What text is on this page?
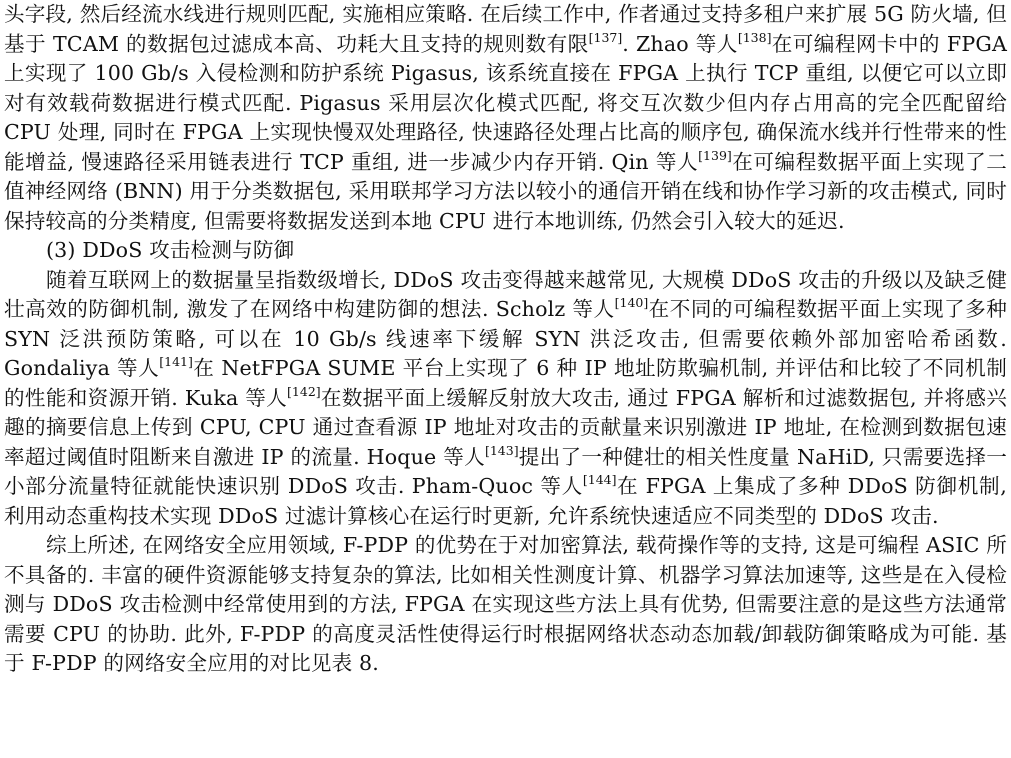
头字段, 然后经流水线进行规则匹配, 实施相应策略. 在后续工作中, 作者通过支持多租户来扩展 5G 防火墙, 但基于 TCAM 的数据包过滤成本高、功耗大且支持的规则数有限[137]. Zhao 等人[138]在可编程网卡中的 FPGA 上实现了 100 Gb/s 入侵检测和防护系统 Pigasus, 该系统直接在 FPGA 上执行 TCP 重组, 以便它可以立即对有效载荷数据进行模式匹配. Pigasus 采用层次化模式匹配, 将交互次数少但内存占用高的完全匹配留给 CPU 处理, 同时在 FPGA 上实现快慢双处理路径, 快速路径处理占比高的顺序包, 确保流水线并行性带来的性能增益, 慢速路径采用链表进行 TCP 重组, 进一步减少内存开销. Qin 等人[139]在可编程数据平面上实现了二值神经网络 (BNN) 用于分类数据包, 采用联邦学习方法以较小的通信开销在线和协作学习新的攻击模式, 同时保持较高的分类精度, 但需要将数据发送到本地 CPU 进行本地训练, 仍然会引入较大的延迟.

(3) DDoS 攻击检测与防御

随着互联网上的数据量呈指数级增长, DDoS 攻击变得越来越常见, 大规模 DDoS 攻击的升级以及缺乏健壮高效的防御机制, 激发了在网络中构建防御的想法. Scholz 等人[140]在不同的可编程数据平面上实现了多种 SYN 泛洪预防策略, 可以在 10 Gb/s 线速率下缓解 SYN 洪泛攻击, 但需要依赖外部加密哈希函数. Gondaliya 等人[141]在 NetFPGA SUME 平台上实现了 6 种 IP 地址防欺骗机制, 并评估和比较了不同机制的性能和资源开销. Kuka 等人[142]在数据平面上缓解反射放大攻击, 通过 FPGA 解析和过滤数据包, 并将感兴趣的摘要信息上传到 CPU, CPU 通过查看源 IP 地址对攻击的贡献量来识别激进 IP 地址, 在检测到数据包速率超过阈值时阻断来自激进 IP 的流量. Hoque 等人[143]提出了一种健壮的相关性度量 NaHiD, 只需要选择一小部分流量特征就能快速识别 DDoS 攻击. Pham-Quoc 等人[144]在 FPGA 上集成了多种 DDoS 防御机制, 利用动态重构技术实现 DDoS 过滤计算核心在运行时更新, 允许系统快速适应不同类型的 DDoS 攻击.

综上所述, 在网络安全应用领域, F-PDP 的优势在于对加密算法, 载荷操作等的支持, 这是可编程 ASIC 所不具备的. 丰富的硬件资源能够支持复杂的算法, 比如相关性测度计算、机器学习算法加速等, 这些是在入侵检测与 DDoS 攻击检测中经常使用到的方法, FPGA 在实现这些方法上具有优势, 但需要注意的是这些方法通常需要 CPU 的协助. 此外, F-PDP 的高度灵活性使得运行时根据网络状态动态加载/卸载防御策略成为可能. 基于 F-PDP 的网络安全应用的对比见表 8.
